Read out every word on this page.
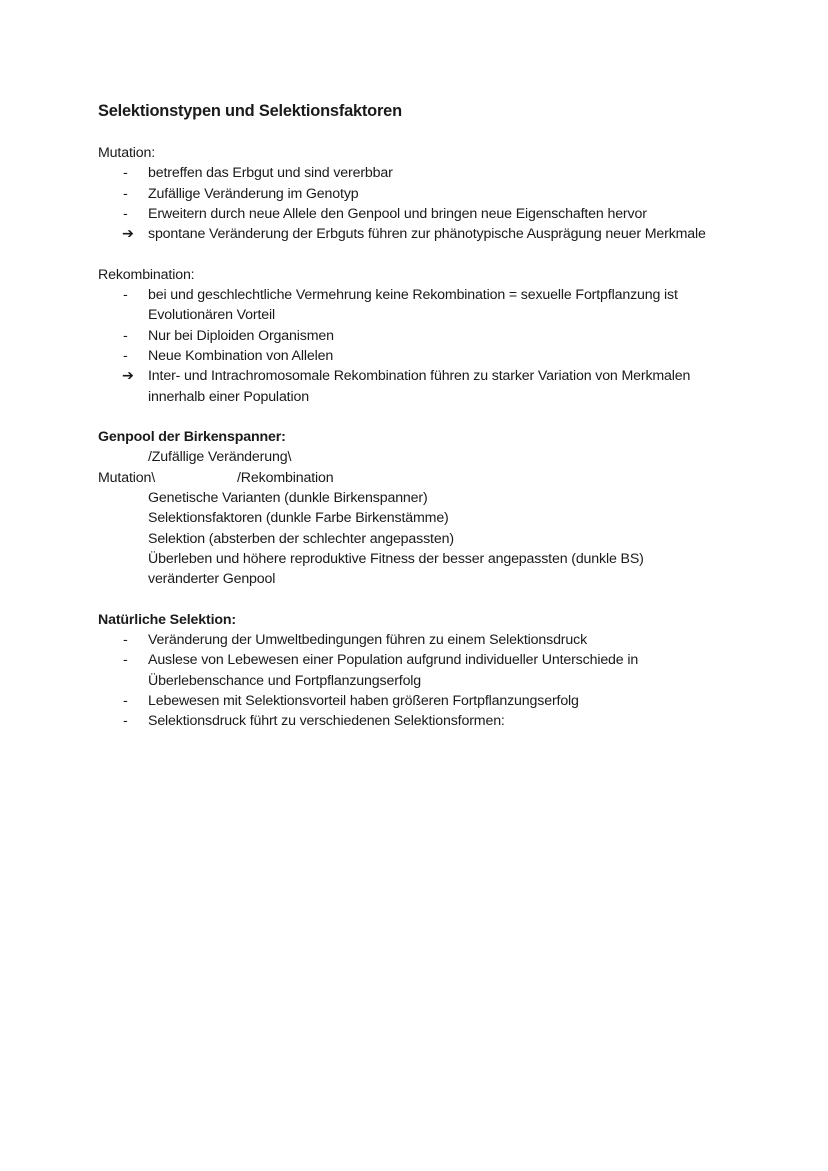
Selektionstypen und Selektionsfaktoren
Mutation:
-	betreffen das Erbgut und sind vererbbar
-	Zufällige Veränderung im Genotyp
-	Erweitern durch neue Allele den Genpool und bringen neue Eigenschaften hervor
➔	spontane Veränderung der Erbguts führen zur phänotypische Ausprägung neuer Merkmale
Rekombination:
-	bei und geschlechtliche Vermehrung keine Rekombination = sexuelle Fortpflanzung ist Evolutionären Vorteil
-	Nur bei Diploiden Organismen
-	Neue Kombination von Allelen
➔	Inter- und Intrachromosomale Rekombination führen zu starker Variation von Merkmalen innerhalb einer Population
Genpool der Birkenspanner:
/Zufällige Veränderung\
Mutation\	/Rekombination
Genetische Varianten (dunkle Birkenspanner)
Selektionsfaktoren (dunkle Farbe Birkenstämme)
Selektion (absterben der schlechter angepassten)
Überleben und höhere reproduktive Fitness der besser angepassten (dunkle BS)
veränderter Genpool
Natürliche Selektion:
-	Veränderung der Umweltbedingungen führen zu einem Selektionsdruck
-	Auslese von Lebewesen einer Population aufgrund individueller Unterschiede in Überlebenschance und Fortpflanzungserfolg
-	Lebewesen mit Selektionsvorteil haben größeren Fortpflanzungserfolg
-	Selektionsdruck führt zu verschiedenen Selektionsformen:
